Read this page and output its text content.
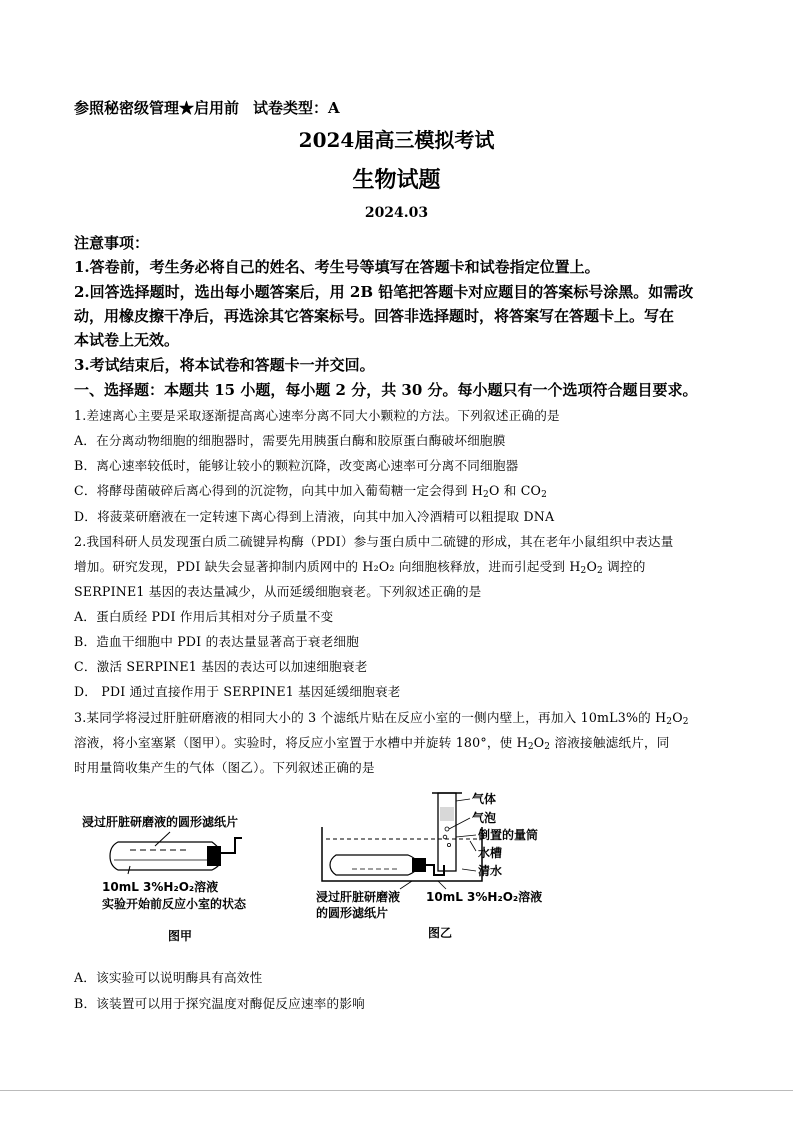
参照秘密级管理★启用前 试卷类型：A
2024届高三模拟考试
生物试题
2024.03
注意事项：
1.答卷前，考生务必将自己的姓名、考生号等填写在答题卡和试卷指定位置上。
2.回答选择题时，选出每小题答案后，用 2B 铅笔把答题卡对应题目的答案标号涂黑。如需改
动，用橡皮擦干净后，再选涂其它答案标号。回答非选择题时，将答案写在答题卡上。写在
本试卷上无效。
3.考试结束后，将本试卷和答题卡一并交回。
一、选择题：本题共 15 小题，每小题 2 分，共 30 分。每小题只有一个选项符合题目要求。
1.差速离心主要是采取逐渐提高离心速率分离不同大小颗粒的方法。下列叙述正确的是
A．在分离动物细胞的细胞器时，需要先用胰蛋白酶和胶原蛋白酶破坏细胞膜
B．离心速率较低时，能够让较小的颗粒沉降，改变离心速率可分离不同细胞器
C．将酵母菌破碎后离心得到的沉淀物，向其中加入葡萄糖一定会得到 $H_2O$ 和 $CO_2$
D．将菠菜研磨液在一定转速下离心得到上清液，向其中加入冷酒精可以粗提取 DNA
2.我国科研人员发现蛋白质二硫键异构酶（PDI）参与蛋白质中二硫键的形成，其在老年小鼠组织中表达量
增加。研究发现，PDI 缺失会显著抑制内质网中的 H₂O₂ 向细胞核释放，进而引起受到 $H_2O_2$ 调控的
SERPINE1 基因的表达量减少，从而延缓细胞衰老。下列叙述正确的是
A．蛋白质经 PDI 作用后其相对分子质量不变
B．造血干细胞中 PDI 的表达量显著高于衰老细胞
C．激活 SERPINE1 基因的表达可以加速细胞衰老
D． PDI 通过直接作用于 SERPINE1 基因延缓细胞衰老
3.某同学将浸过肝脏研磨液的相同大小的 3 个滤纸片贴在反应小室的一侧内壁上，再加入 10mL3%的 $H_2O_2$
溶液，将小室塞紧（图甲）。实验时，将反应小室置于水槽中并旋转 180°，使 $H_2O_2$ 溶液接触滤纸片，同
时用量筒收集产生的气体（图乙）。下列叙述正确的是
浸过肝脏研磨液的圆形滤纸片
10mL 3%H₂O₂溶液
实验开始前反应小室的状态
图甲
气体
气泡
倒置的量筒
水槽
清水
浸过肝脏研磨液
的圆形滤纸片
10mL 3%H₂O₂溶液
图乙
A．该实验可以说明酶具有高效性
B．该装置可以用于探究温度对酶促反应速率的影响
